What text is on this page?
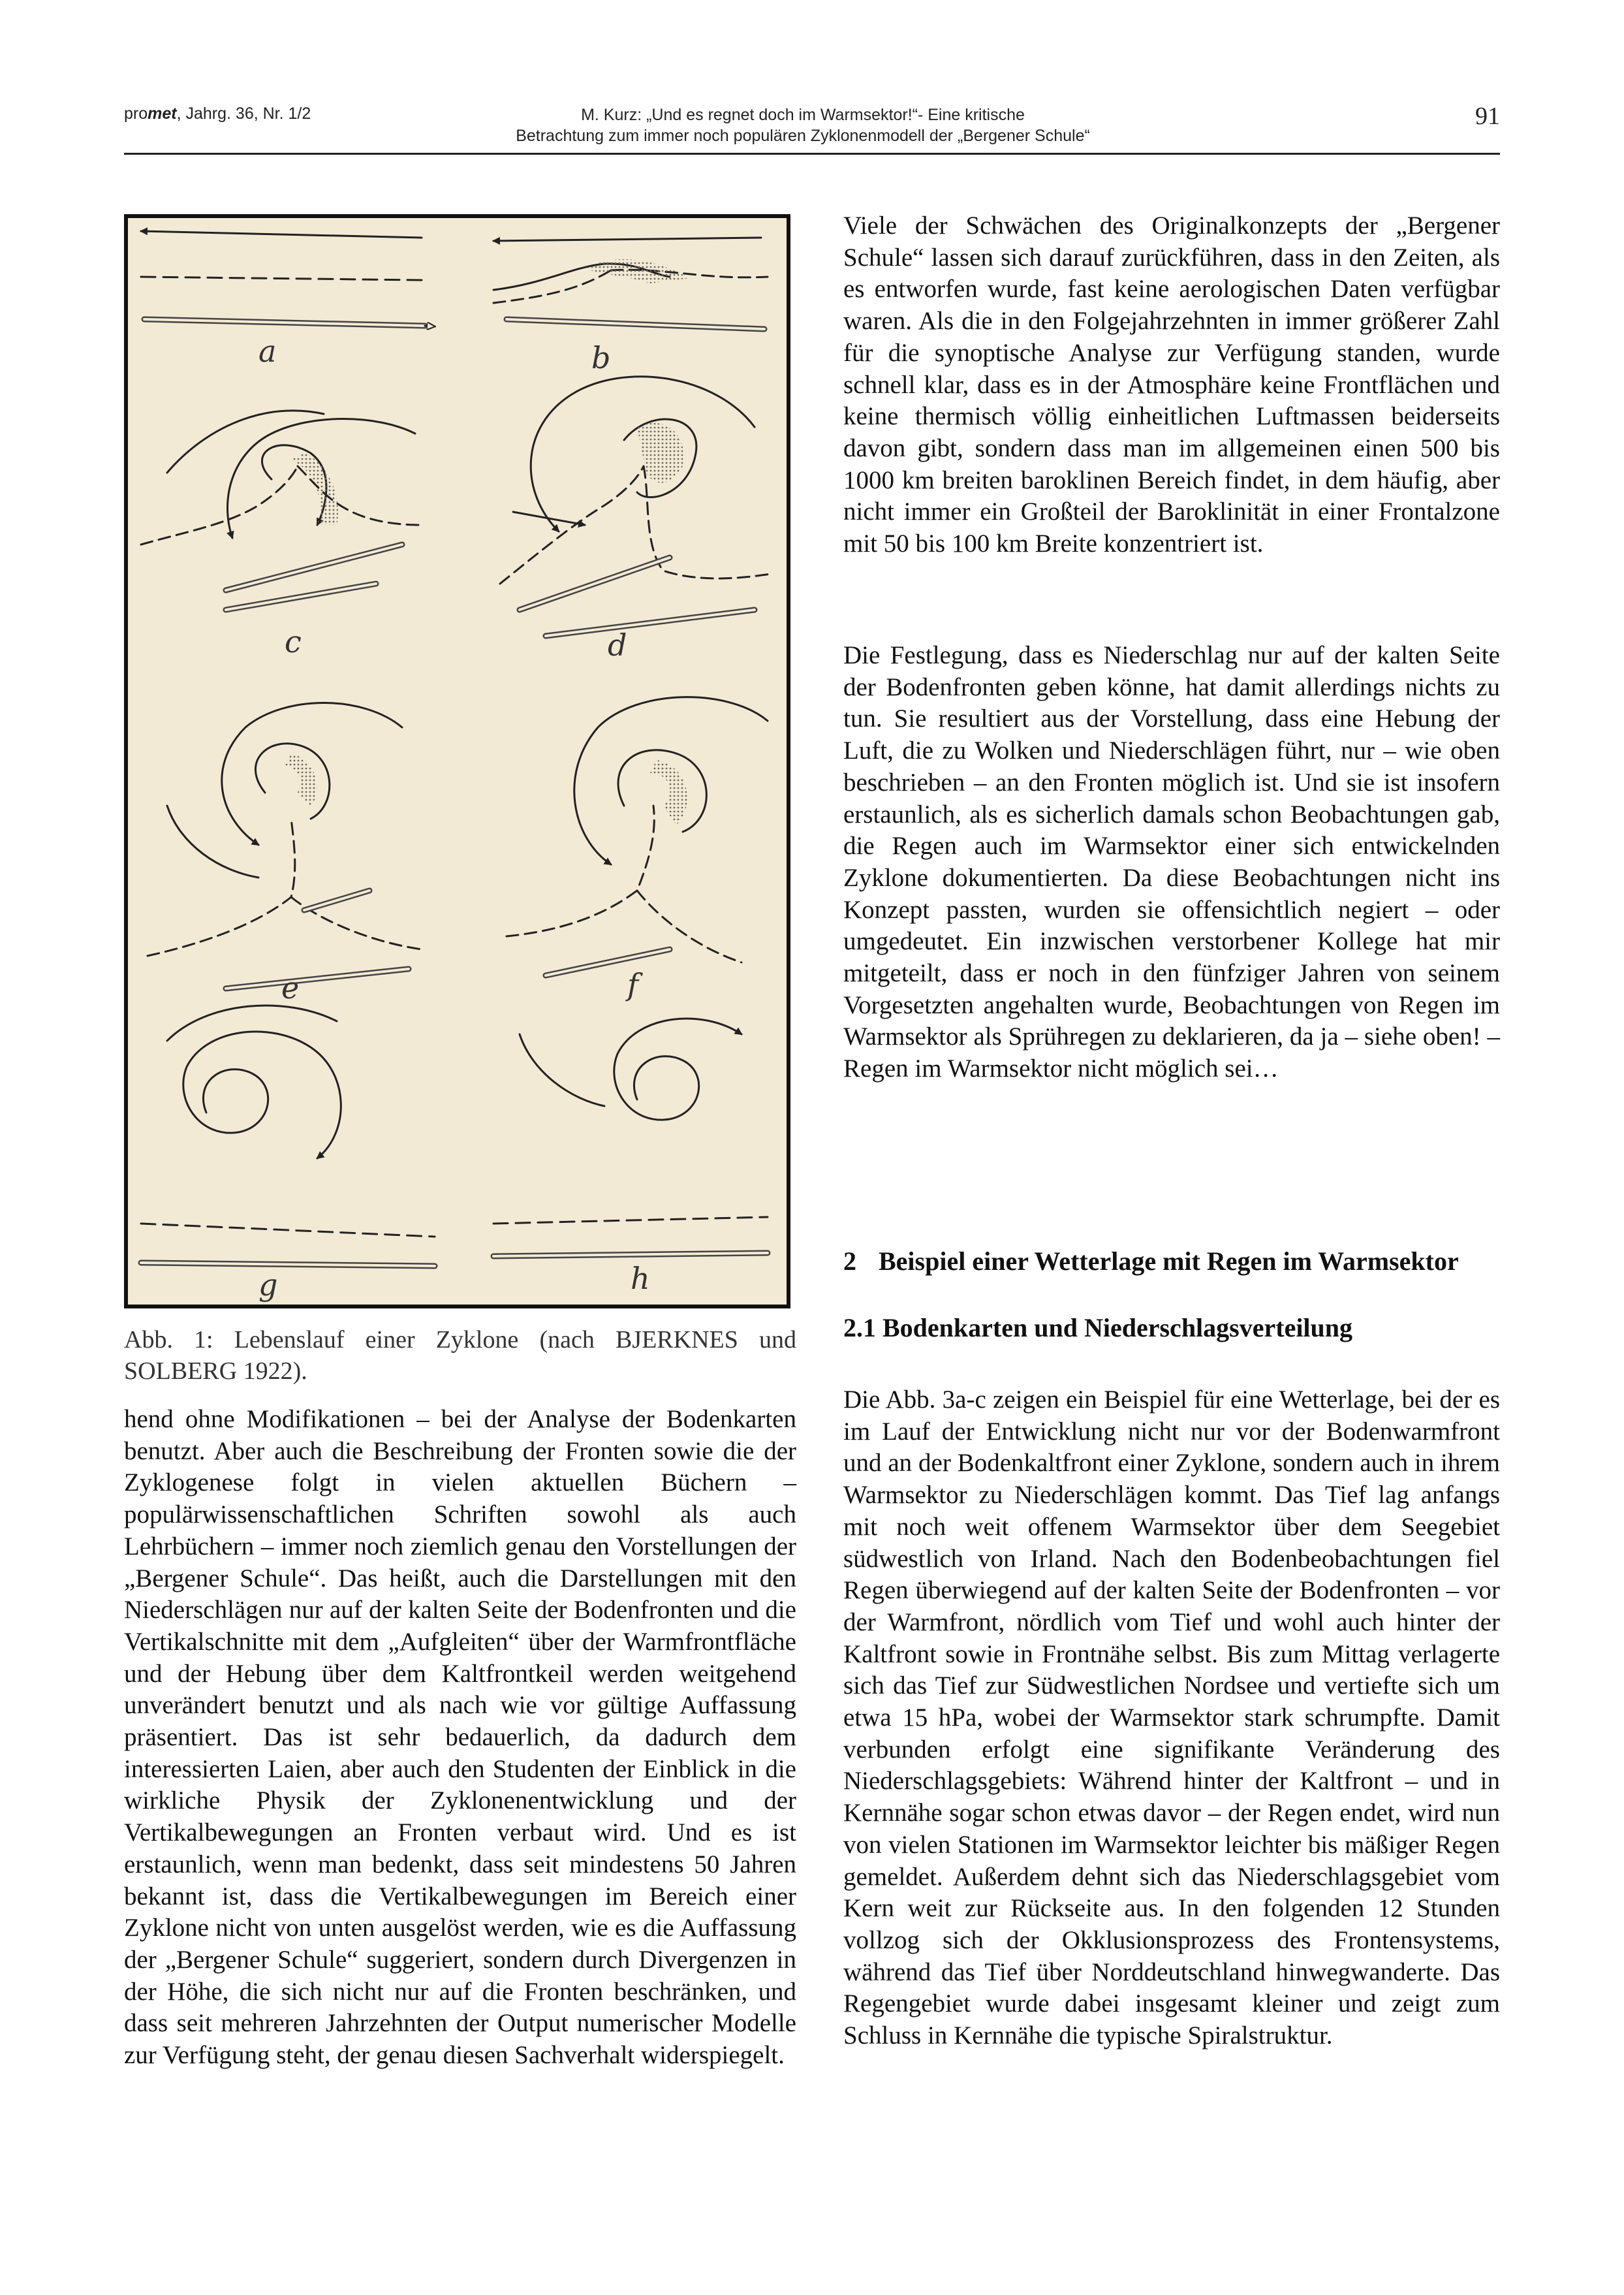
promet, Jahrg. 36, Nr. 1/2	M. Kurz: „Und es regnet doch im Warmsektor!“- Eine kritische
Betrachtung zum immer noch populären Zyklonenmodell der „Bergener Schule“
91
a	b
c	d
e	f
g	h
Abb. 1: Lebenslauf einer Zyklone (nach BJERKNES und SOLBERG 1922).
hend ohne Modifikationen – bei der Analyse der Bodenkarten benutzt. Aber auch die Beschreibung der Fronten sowie die der Zyklogenese folgt in vielen aktuellen Büchern – populärwissenschaftlichen Schriften sowohl als auch Lehrbüchern – immer noch ziemlich genau den Vorstellungen der „Bergener Schule“. Das heißt, auch die Darstellungen mit den Niederschlägen nur auf der kalten Seite der Bodenfronten und die Vertikalschnitte mit dem „Aufgleiten“ über der Warmfrontfläche und der Hebung über dem Kaltfrontkeil werden weitgehend unverändert benutzt und als nach wie vor gültige Auffassung präsentiert. Das ist sehr bedauerlich, da dadurch dem interessierten Laien, aber auch den Studenten der Einblick in die wirkliche Physik der Zyklonenentwicklung und der Vertikalbewegungen an Fronten verbaut wird. Und es ist erstaunlich, wenn man bedenkt, dass seit mindestens 50 Jahren bekannt ist, dass die Vertikalbewegungen im Bereich einer Zyklone nicht von unten ausgelöst werden, wie es die Auffassung der „Bergener Schule“ suggeriert, sondern durch Divergenzen in der Höhe, die sich nicht nur auf die Fronten beschränken, und dass seit mehreren Jahrzehnten der Output numerischer Modelle zur Verfügung steht, der genau diesen Sachverhalt widerspiegelt.
Viele der Schwächen des Originalkonzepts der „Bergener Schule“ lassen sich darauf zurückführen, dass in den Zeiten, als es entworfen wurde, fast keine aerologischen Daten verfügbar waren. Als die in den Folgejahrzehnten in immer größerer Zahl für die synoptische Analyse zur Verfügung standen, wurde schnell klar, dass es in der Atmosphäre keine Frontflächen und keine thermisch völlig einheitlichen Luftmassen beiderseits davon gibt, sondern dass man im allgemeinen einen 500 bis 1000 km breiten baroklinen Bereich findet, in dem häufig, aber nicht immer ein Großteil der Baroklinität in einer Frontalzone mit 50 bis 100 km Breite konzentriert ist.
Die Festlegung, dass es Niederschlag nur auf der kalten Seite der Bodenfronten geben könne, hat damit allerdings nichts zu tun. Sie resultiert aus der Vorstellung, dass eine Hebung der Luft, die zu Wolken und Niederschlägen führt, nur – wie oben beschrieben – an den Fronten möglich ist. Und sie ist insofern erstaunlich, als es sicherlich damals schon Beobachtungen gab, die Regen auch im Warmsektor einer sich entwickelnden Zyklone dokumentierten. Da diese Beobachtungen nicht ins Konzept passten, wurden sie offensichtlich negiert – oder umgedeutet. Ein inzwischen verstorbener Kollege hat mir mitgeteilt, dass er noch in den fünfziger Jahren von seinem Vorgesetzten angehalten wurde, Beobachtungen von Regen im Warmsektor als Sprühregen zu deklarieren, da ja – siehe oben! – Regen im Warmsektor nicht möglich sei…
2 Beispiel einer Wetterlage mit Regen im Warmsektor
2.1 Bodenkarten und Niederschlagsverteilung
Die Abb. 3a-c zeigen ein Beispiel für eine Wetterlage, bei der es im Lauf der Entwicklung nicht nur vor der Bodenwarmfront und an der Bodenkaltfront einer Zyklone, sondern auch in ihrem Warmsektor zu Niederschlägen kommt. Das Tief lag anfangs mit noch weit offenem Warmsektor über dem Seegebiet südwestlich von Irland. Nach den Bodenbeobachtungen fiel Regen überwiegend auf der kalten Seite der Bodenfronten – vor der Warmfront, nördlich vom Tief und wohl auch hinter der Kaltfront sowie in Frontnähe selbst. Bis zum Mittag verlagerte sich das Tief zur Südwestlichen Nordsee und vertiefte sich um etwa 15 hPa, wobei der Warmsektor stark schrumpfte. Damit verbunden erfolgt eine signifikante Veränderung des Niederschlagsgebiets: Während hinter der Kaltfront – und in Kernnähe sogar schon etwas davor – der Regen endet, wird nun von vielen Stationen im Warmsektor leichter bis mäßiger Regen gemeldet. Außerdem dehnt sich das Niederschlagsgebiet vom Kern weit zur Rückseite aus. In den folgenden 12 Stunden vollzog sich der Okklusionsprozess des Frontensystems, während das Tief über Norddeutschland hinwegwanderte. Das Regengebiet wurde dabei insgesamt kleiner und zeigt zum Schluss in Kernnähe die typische Spiralstruktur.
